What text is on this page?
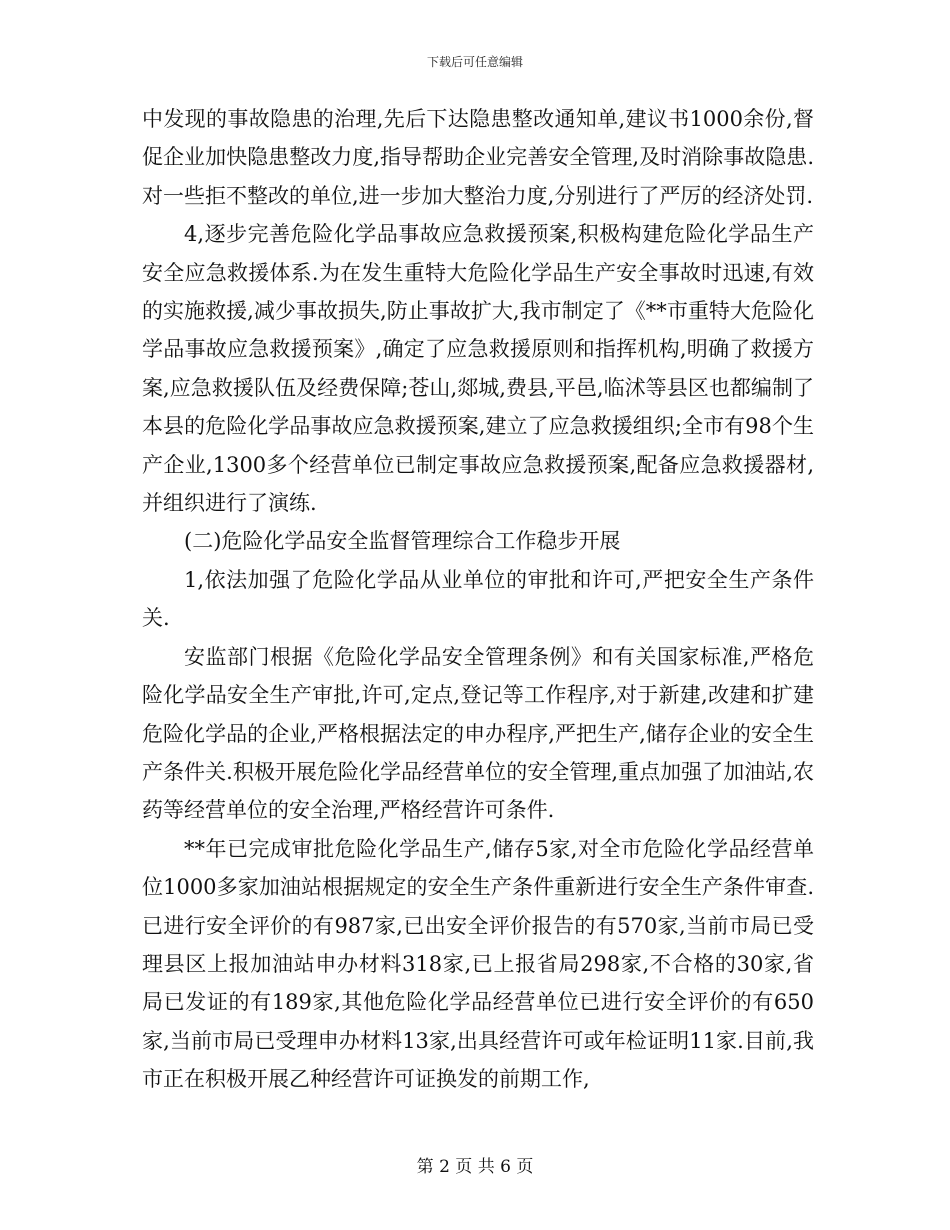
下载后可任意编辑

中发现的事故隐患的治理,先后下达隐患整改通知单,建议书1000余份,督促企业加快隐患整改力度,指导帮助企业完善安全管理,及时消除事故隐患.对一些拒不整改的单位,进一步加大整治力度,分别进行了严厉的经济处罚.

4,逐步完善危险化学品事故应急救援预案,积极构建危险化学品生产安全应急救援体系.为在发生重特大危险化学品生产安全事故时迅速,有效的实施救援,减少事故损失,防止事故扩大,我市制定了《**市重特大危险化学品事故应急救援预案》,确定了应急救援原则和指挥机构,明确了救援方案,应急救援队伍及经费保障;苍山,郯城,费县,平邑,临沭等县区也都编制了本县的危险化学品事故应急救援预案,建立了应急救援组织;全市有98个生产企业,1300多个经营单位已制定事故应急救援预案,配备应急救援器材,并组织进行了演练.

(二)危险化学品安全监督管理综合工作稳步开展

1,依法加强了危险化学品从业单位的审批和许可,严把安全生产条件关.

安监部门根据《危险化学品安全管理条例》和有关国家标准,严格危险化学品安全生产审批,许可,定点,登记等工作程序,对于新建,改建和扩建危险化学品的企业,严格根据法定的申办程序,严把生产,储存企业的安全生产条件关.积极开展危险化学品经营单位的安全管理,重点加强了加油站,农药等经营单位的安全治理,严格经营许可条件.

**年已完成审批危险化学品生产,储存5家,对全市危险化学品经营单位1000多家加油站根据规定的安全生产条件重新进行安全生产条件审查.已进行安全评价的有987家,已出安全评价报告的有570家,当前市局已受理县区上报加油站申办材料318家,已上报省局298家,不合格的30家,省局已发证的有189家,其他危险化学品经营单位已进行安全评价的有650家,当前市局已受理申办材料13家,出具经营许可或年检证明11家.目前,我市正在积极开展乙种经营许可证换发的前期工作,

第 2 页 共 6 页
